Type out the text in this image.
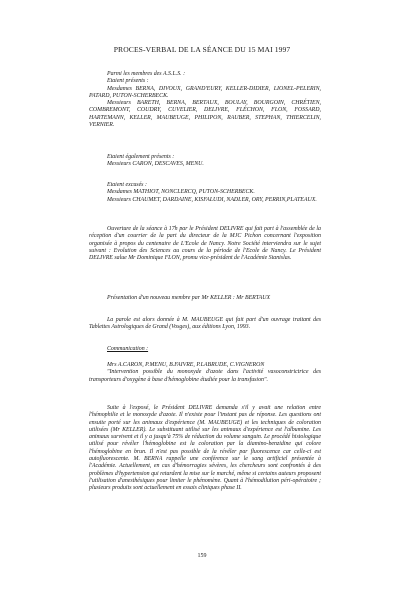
PROCES-VERBAL DE LA SÉANCE DU 15 MAI 1997
Parmi les membres des A.S.L.S. :
Etaient présents :
Mesdames BERNA, DIVOUX, GRAND'EURY, KELLER-DIDIER, LIONEL-PELERIN, PATARD, PUTON-SCHERBECK.
Messieurs BARETH, BERNA, BERTAUX, BOULAY, BOURGOIN, CHRÉTIEN, COMBREMONT, COUDRY, CUVELIER, DELIVRE, FLÉCHON, FLON, FOSSARD, HARTEMANN, KELLER, MAUBEUGE, PHILIPON, RAUBER, STEPHAN, THIERCELIN, VERNIER.
Etaient également présents :
Messieurs CARON, DESCAVES, MENU.
Etaient excusés :
Mesdames MATHIOT, NONCLERCQ, PUTON-SCHERBECK.
Messieurs CHAUMET, DARDAINE, KISFALUDI, NADLER, ORY, PERRIN,PLATEAUX.
Ouverture de la séance à 17h par le Président DELIVRE qui fait part à l'assemblée de la réception d'un courrier de la part du directeur de la MJC Pichon concernant l'exposition organisée à propos du centenaire de L'Ecole de Nancy. Notre Société interviendra sur le sujet suivant : Evolution des Sciences au cours de la période de l'Ecole de Nancy. Le Président DELIVRE salue Mr Dominique FLON, promu vice-président de l'Académie Stanislas.
Présentation d'un nouveau membre par Mr KELLER : Mr BERTAUX
La parole est alors donnée à M. MAUBEUGE qui fait part d'un ouvrage traitant des Tablettes Astrologiques de Grand (Vosges), aux éditions Lyon, 1993.
Communication :
Mrs A.CARON, P.MENU, B.FAIVRE, P.LABRUDE, C.VIGNERON
"Intervention possible du monoxyde d'azote dans l'activité vasoconstrictrice des transporteurs d'oxygène à base d'hémoglobine étudiée pour la transfusion".
Suite à l'exposé, le Président DELIVRE demanda s'il y avait une relation entre l'hémophilie et le monoxyde d'azote. Il n'existe pour l'instant pas de réponse. Les questions ont ensuite porté sur les animaux d'expérience (M. MAUBEUGE) et les techniques de coloration utilisées (Mr KELLER). Le substituant utilisé sur les animaux d'expérience est l'albumine. Les animaux survivent et il y a jusqu'à 75% de réduction du volume sanguin. Le procédé histologique utilisé pour révéler l'hémoglobine est la coloration par la diamino-benzidine qui colore l'hémoglobine en brun. Il n'est pas possible de la révéler par fluorescence car celle-ci est autofluorescente. M. BERNA rappelle une conférence sur le sang artificiel présentée à l'Académie. Actuellement, en cas d'hémorragies sévères, les chercheurs sont confrontés à des problèmes d'hypertension qui retardent la mise sur le marché, même si certains auteurs proposent l'utilisation d'anesthésiques pour limiter le phénomène. Quant à l'hémodilution péri-opératoire ; plusieurs produits sont actuellement en essais cliniques phase II.
159
